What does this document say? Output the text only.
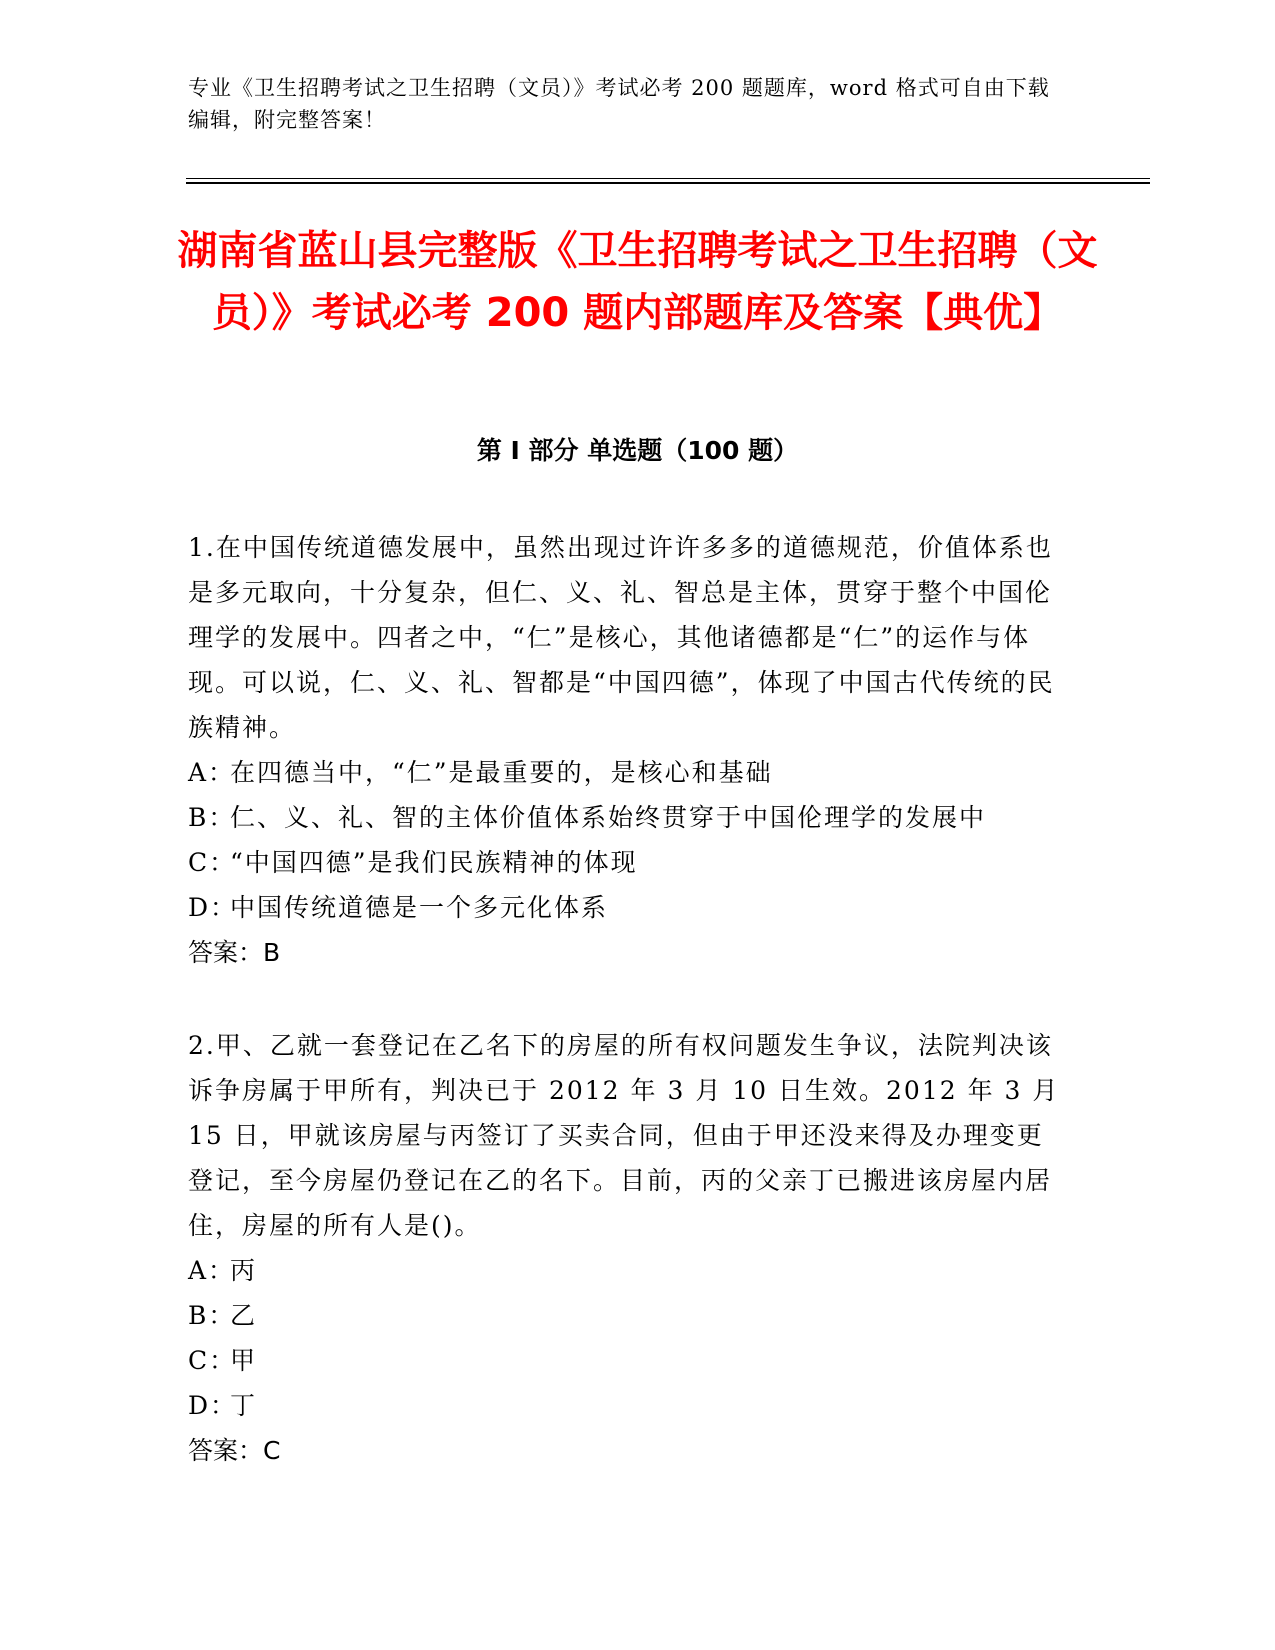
专业《卫生招聘考试之卫生招聘（文员）》考试必考 200 题题库，word 格式可自由下载编辑，附完整答案！

湖南省蓝山县完整版《卫生招聘考试之卫生招聘（文员）》考试必考 200 题内部题库及答案【典优】
第 I 部分 单选题（100 题）

1.在中国传统道德发展中，虽然出现过许许多多的道德规范，价值体系也是多元取向，十分复杂，但仁、义、礼、智总是主体，贯穿于整个中国伦理学的发展中。四者之中，“仁”是核心，其他诸德都是“仁”的运作与体现。可以说，仁、义、礼、智都是“中国四德”，体现了中国古代传统的民族精神。

A：在四德当中，“仁”是最重要的，是核心和基础

B：仁、义、礼、智的主体价值体系始终贯穿于中国伦理学的发展中

C：“中国四德”是我们民族精神的体现

D：中国传统道德是一个多元化体系

答案：B

2.甲、乙就一套登记在乙名下的房屋的所有权问题发生争议，法院判决该诉争房属于甲所有，判决已于 2012 年 3 月 10 日生效。2012 年 3 月 15 日，甲就该房屋与丙签订了买卖合同，但由于甲还没来得及办理变更登记，至今房屋仍登记在乙的名下。目前，丙的父亲丁已搬进该房屋内居住，房屋的所有人是()。

A：丙

B：乙

C：甲

D：丁

答案：C
